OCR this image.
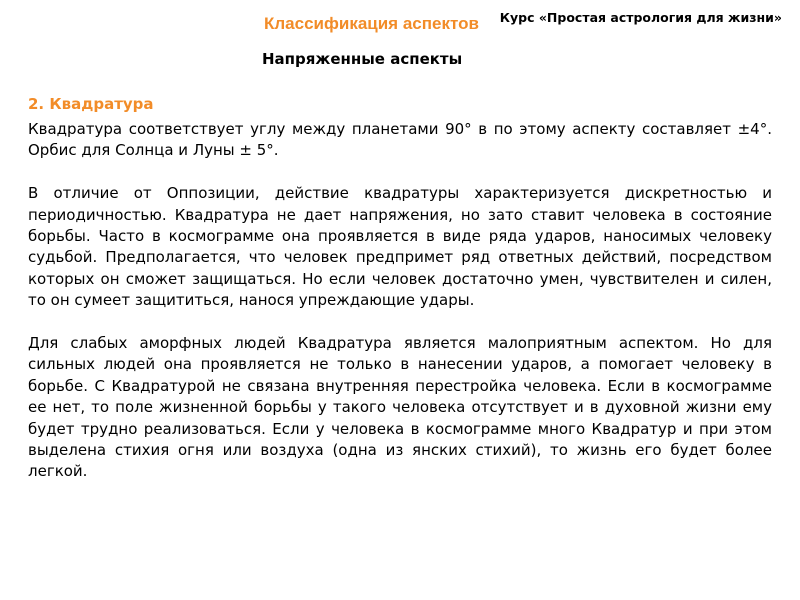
Курс «Простая астрология для жизни»
Классификация аспектов
Напряженные аспекты
2. Квадратура

Квадратура соответствует углу между планетами 90° в по этому аспекту составляет ±4°. Орбис для Солнца и Луны ± 5°.

В отличие от Оппозиции, действие квадратуры характеризуется дискретностью и периодичностью. Квадратура не дает напряжения, но зато ставит человека в состояние борьбы. Часто в космограмме она проявляется в виде ряда ударов, наносимых человеку судьбой. Предполагается, что человек предпримет ряд ответных действий, посредством которых он сможет защищаться. Но если человек достаточно умен, чувствителен и силен, то он сумеет защититься, нанося упреждающие удары.

Для слабых аморфных людей Квадратура является малоприятным аспектом. Но для сильных людей она проявляется не только в нанесении ударов, а помогает человеку в борьбе. С Квадратурой не связана внутренняя перестройка человека. Если в космограмме ее нет, то поле жизненной борьбы у такого человека отсутствует и в духовной жизни ему будет трудно реализоваться. Если у человека в космограмме много Квадратур и при этом выделена стихия огня или воздуха (одна из янских стихий), то жизнь его будет более легкой.
